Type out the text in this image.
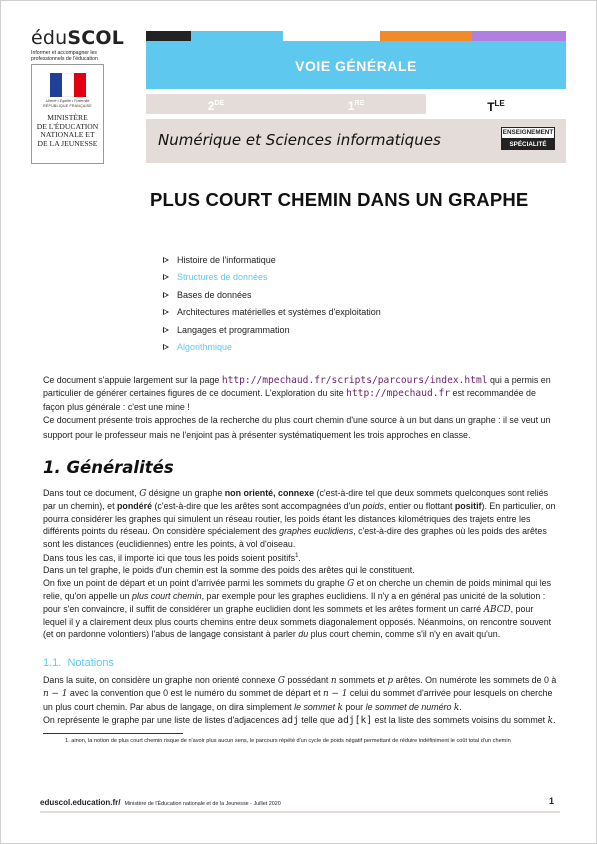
éduSCOL
Informer et accompagner les professionnels de l'éducation
Liberté • Égalité • Fraternité
RÉPUBLIQUE FRANÇAISE
MINISTÈRE
DE L'ÉDUCATION
NATIONALE ET
DE LA JEUNESSE
VOIE GÉNÉRALE
2DE	1RE	$T^{LE}$
Numérique et Sciences informatiques	ENSEIGNEMENT
SPÉCIALITÉ
PLUS COURT CHEMIN DANS UN GRAPHE
Histoire de l'informatique
Structures de données
Bases de données
Architectures matérielles et systèmes d'exploitation
Langages et programmation
Algorithmique

Ce document s'appuie largement sur la page http://mpechaud.fr/scripts/parcours/index.html qui a permis en particulier de générer certaines figures de ce document. L'exploration du site http://mpechaud.fr est recommandée de façon plus générale : c'est une mine !

Ce document présente trois approches de la recherche du plus court chemin d'une source à un but dans un graphe : il se veut un support pour le professeur mais ne l'enjoint pas à présenter systématiquement les trois approches en classe.

1. Généralités

Dans tout ce document, G désigne un graphe non orienté, connexe (c'est-à-dire tel que deux sommets quelconques sont reliés par un chemin), et pondéré (c'est-à-dire que les arêtes sont accompagnées d'un poids, entier ou flottant positif). En particulier, on pourra considérer les graphes qui simulent un réseau routier, les poids étant les distances kilométriques des trajets entre les différents points du réseau. On considère spécialement des graphes euclidiens, c'est-à-dire des graphes où les poids des arêtes sont les distances (euclidiennes) entre les points, à vol d'oiseau.

Dans tous les cas, il importe ici que tous les poids soient positifs$^1$.

Dans un tel graphe, le poids d'un chemin est la somme des poids des arêtes qui le constituent.

On fixe un point de départ et un point d'arrivée parmi les sommets du graphe G et on cherche un chemin de poids minimal qui les relie, qu'on appelle un plus court chemin, par exemple pour les graphes euclidiens. Il n'y a en général pas unicité de la solution : pour s'en convaincre, il suffit de considérer un graphe euclidien dont les sommets et les arêtes forment un carré ABCD, pour lequel il y a clairement deux plus courts chemins entre deux sommets diagonalement opposés. Néanmoins, on rencontre souvent (et on pardonne volontiers) l'abus de langage consistant à parler du plus court chemin, comme s'il n'y en avait qu'un.

1.1. Notations

Dans la suite, on considère un graphe non orienté connexe G possédant n sommets et p arêtes. On numérote les sommets de 0 à n − 1 avec la convention que 0 est le numéro du sommet de départ et n − 1 celui du sommet d'arrivée pour lesquels on cherche un plus court chemin. Par abus de langage, on dira simplement le sommet k pour le sommet de numéro k.

On représente le graphe par une liste de listes d'adjacences adj telle que adj[k] est la liste des sommets voisins du sommet k.

1. ainon, la notion de plus court chemin risque de n'avoir plus aucun sens, le parcours répété d'un cycle de poids négatif permettant de réduire indéfiniment le coût total d'un chemin
eduscol.education.fr/ Ministère de l'Éducation nationale et de la Jeunesse - Juillet 2020	1
